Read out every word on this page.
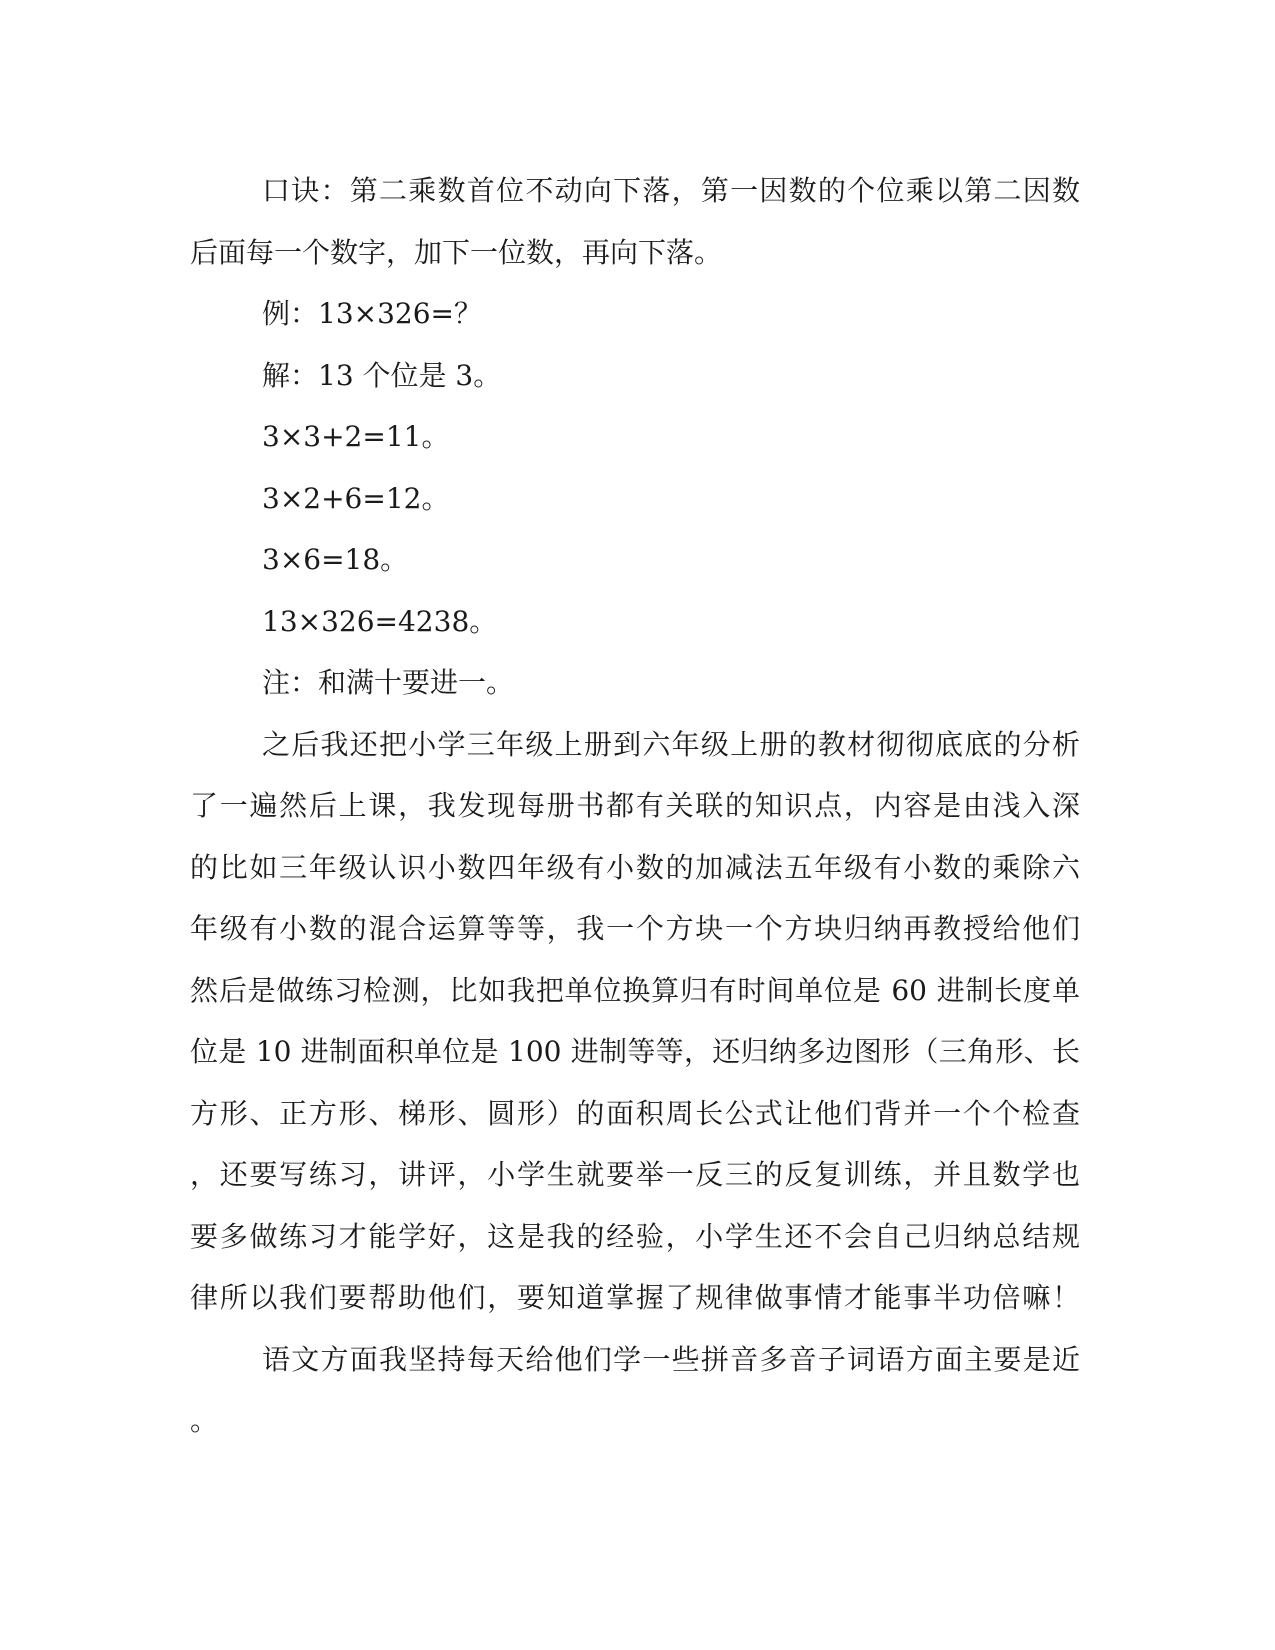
口诀：第二乘数首位不动向下落，第一因数的个位乘以第二因数
后面每一个数字，加下一位数，再向下落。
例：13×326=？
解：13 个位是 3。
3×3+2=11。
3×2+6=12。
3×6=18。
13×326=4238。
注：和满十要进一。
之后我还把小学三年级上册到六年级上册的教材彻彻底底的分析
了一遍然后上课，我发现每册书都有关联的知识点，内容是由浅入深
的比如三年级认识小数四年级有小数的加减法五年级有小数的乘除六
年级有小数的混合运算等等，我一个方块一个方块归纳再教授给他们
然后是做练习检测，比如我把单位换算归有时间单位是 60 进制长度单
位是 10 进制面积单位是 100 进制等等，还归纳多边图形（三角形、长
方形、正方形、梯形、圆形）的面积周长公式让他们背并一个个检查
，还要写练习，讲评，小学生就要举一反三的反复训练，并且数学也
要多做练习才能学好，这是我的经验，小学生还不会自己归纳总结规
律所以我们要帮助他们，要知道掌握了规律做事情才能事半功倍嘛！
语文方面我坚持每天给他们学一些拼音多音子词语方面主要是近
。
